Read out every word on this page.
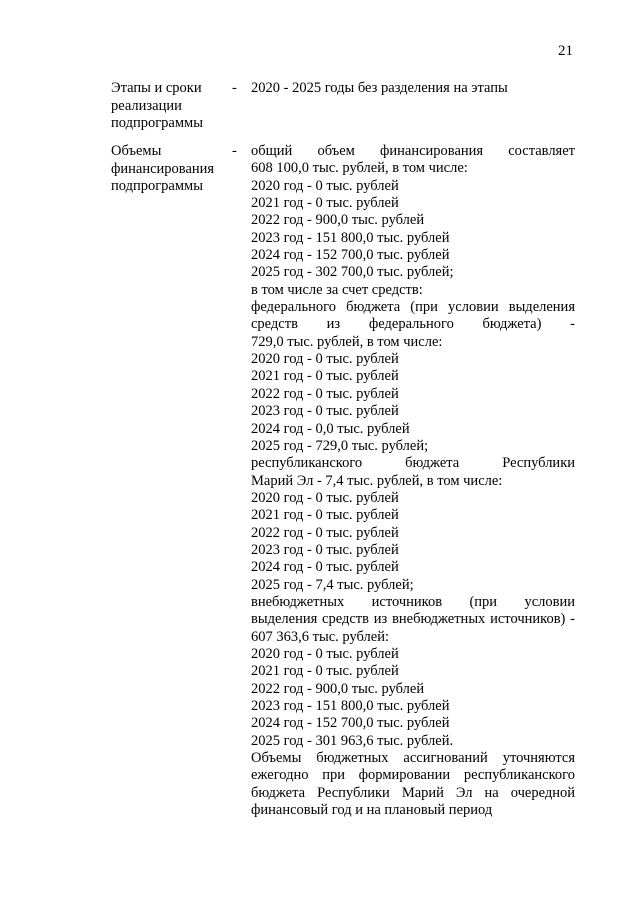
21
Этапы и сроки
реализации
подпрограммы
- 2020 - 2025 годы без разделения на этапы
Объемы
финансирования
подпрограммы
- общий объем финансирования составляет
608 100,0 тыс. рублей, в том числе:
2020 год - 0 тыс. рублей
2021 год - 0 тыс. рублей
2022 год - 900,0 тыс. рублей
2023 год - 151 800,0 тыс. рублей
2024 год - 152 700,0 тыс. рублей
2025 год - 302 700,0 тыс. рублей;
в том числе за счет средств:
федерального бюджета (при условии выделения
средств из федерального бюджета) -
729,0 тыс. рублей, в том числе:
2020 год - 0 тыс. рублей
2021 год - 0 тыс. рублей
2022 год - 0 тыс. рублей
2023 год - 0 тыс. рублей
2024 год - 0,0 тыс. рублей
2025 год - 729,0 тыс. рублей;
республиканского бюджета Республики
Марий Эл - 7,4 тыс. рублей, в том числе:
2020 год - 0 тыс. рублей
2021 год - 0 тыс. рублей
2022 год - 0 тыс. рублей
2023 год - 0 тыс. рублей
2024 год - 0 тыс. рублей
2025 год - 7,4 тыс. рублей;
внебюджетных источников (при условии
выделения средств из внебюджетных источников) -
607 363,6 тыс. рублей:
2020 год - 0 тыс. рублей
2021 год - 0 тыс. рублей
2022 год - 900,0 тыс. рублей
2023 год - 151 800,0 тыс. рублей
2024 год - 152 700,0 тыс. рублей
2025 год - 301 963,6 тыс. рублей.
Объемы бюджетных ассигнований уточняются
ежегодно при формировании республиканского
бюджета Республики Марий Эл на очередной
финансовый год и на плановый период
